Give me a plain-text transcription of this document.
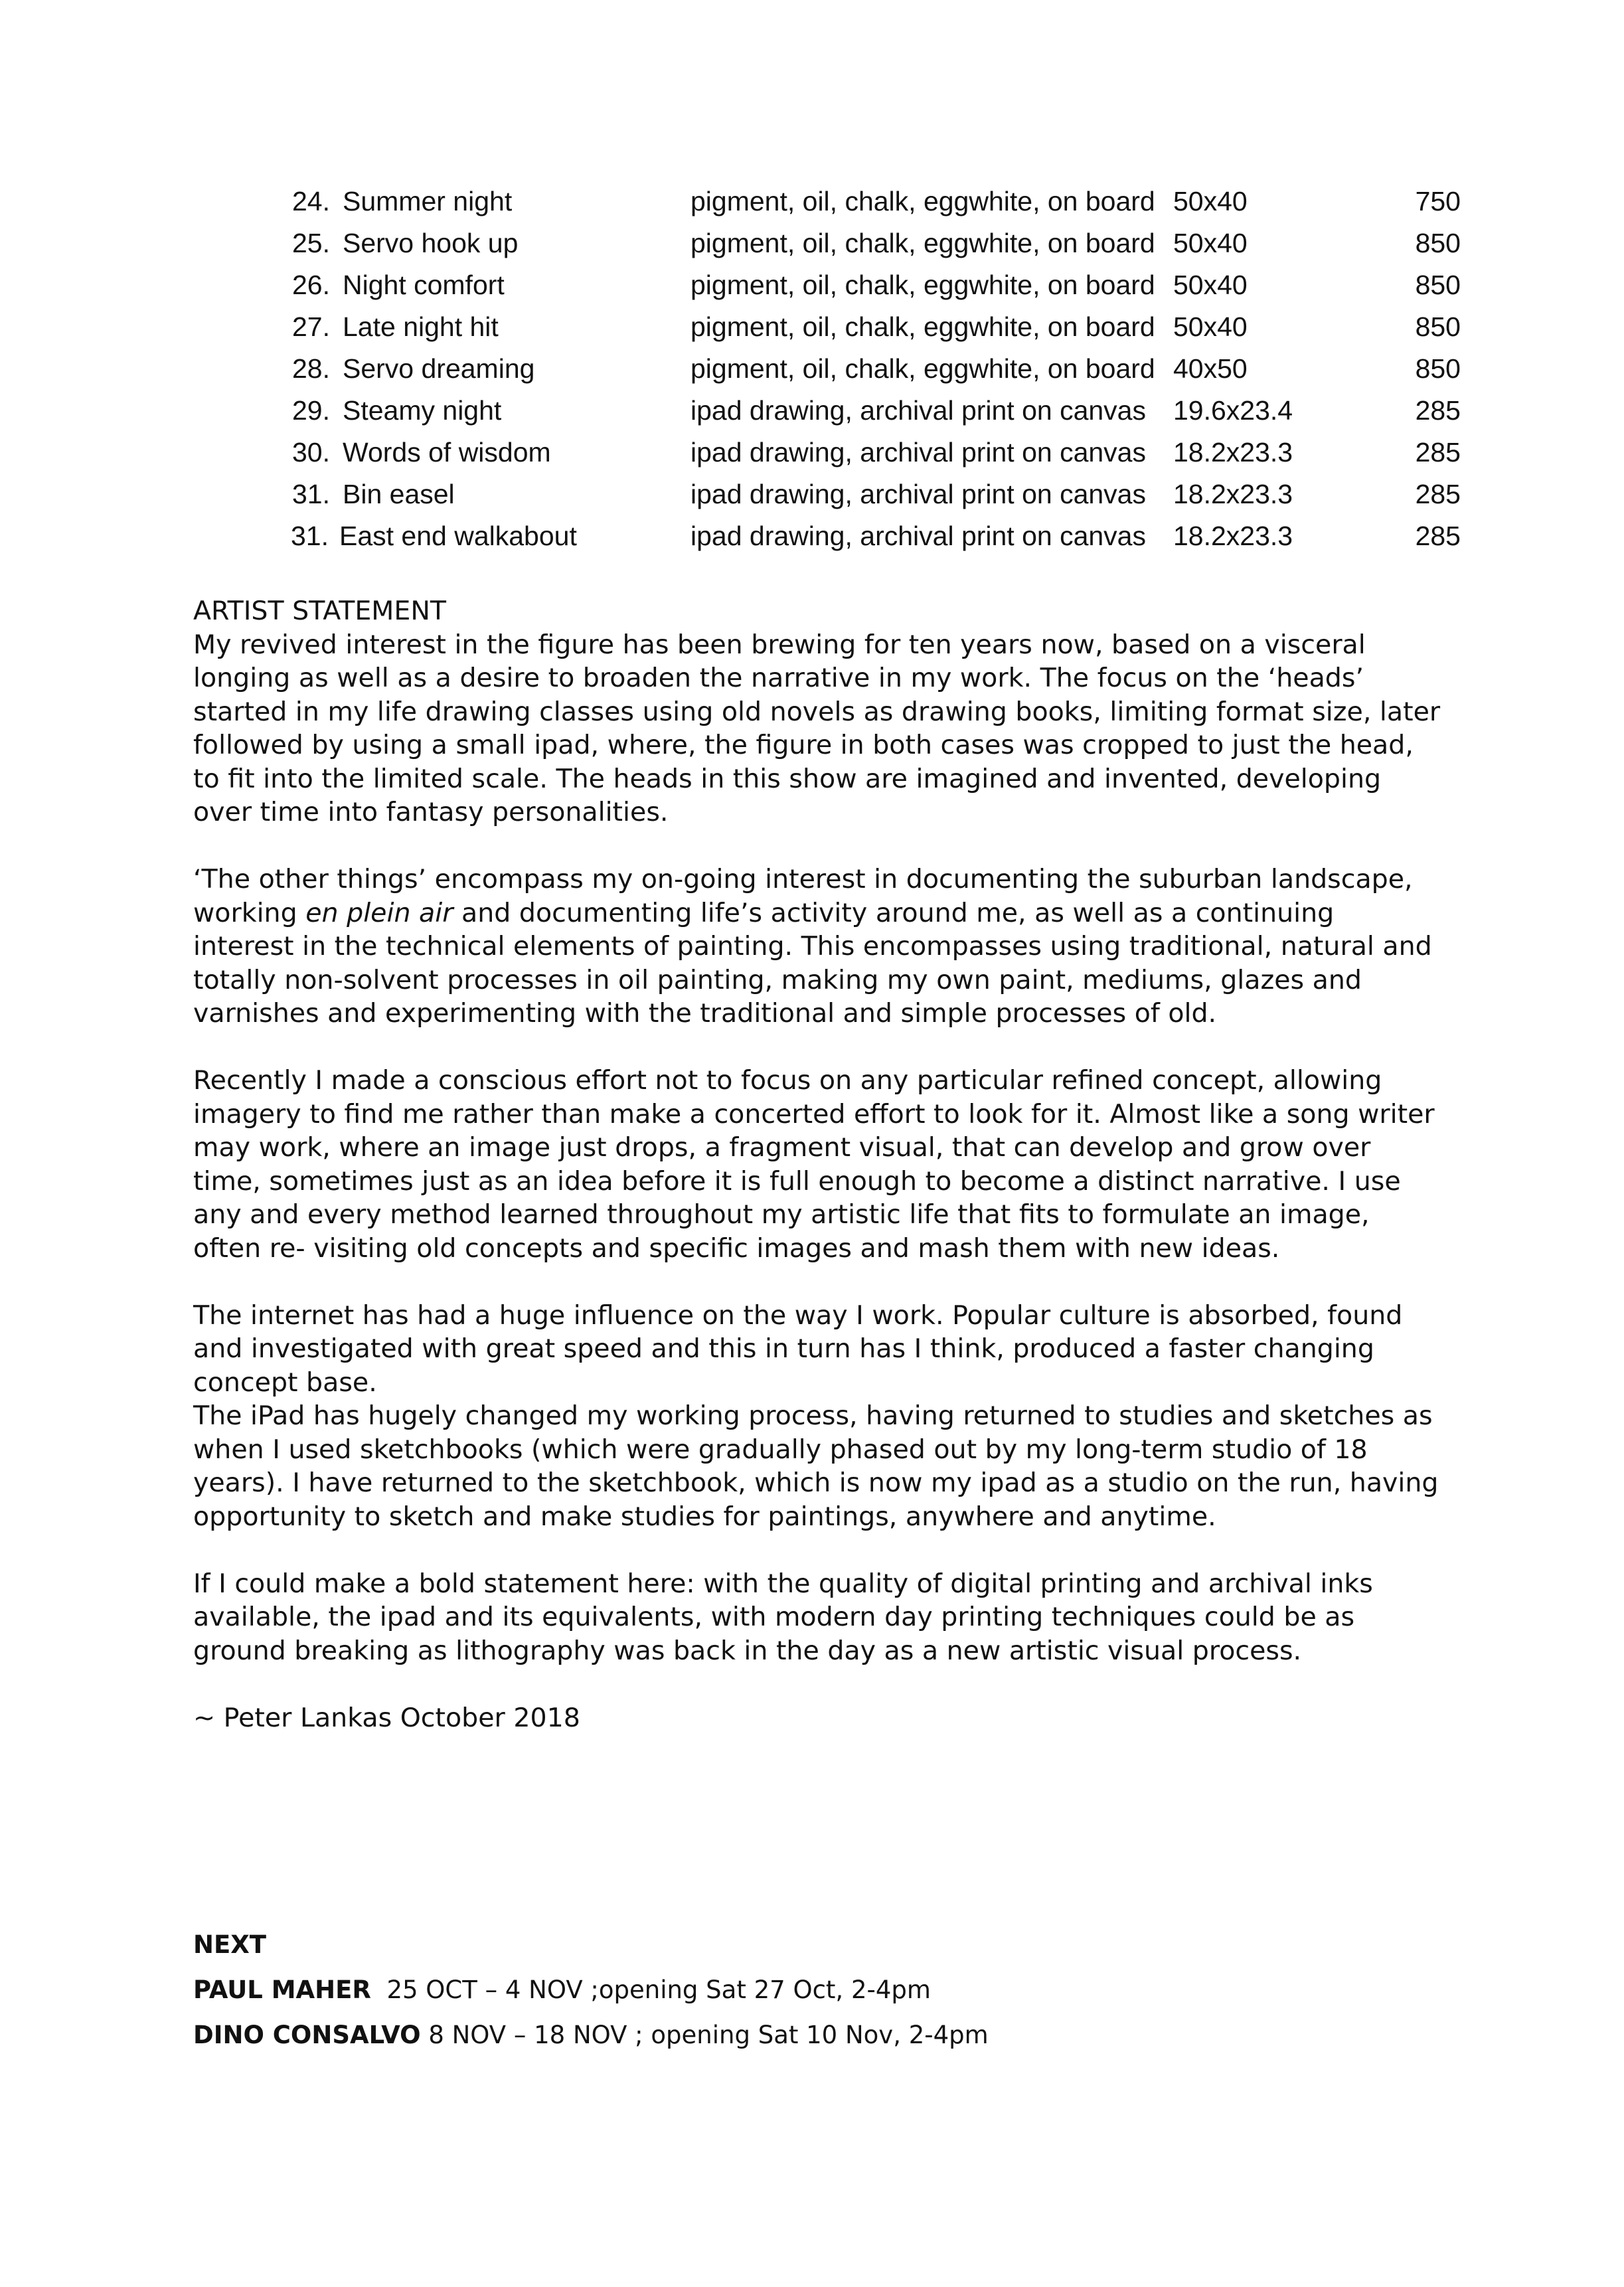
24. Summer night	pigment, oil, chalk, eggwhite, on board 50x40	750
25. Servo hook up	pigment, oil, chalk, eggwhite, on board 50x40	850
26. Night comfort	pigment, oil, chalk, eggwhite, on board 50x40	850
27. Late night hit	pigment, oil, chalk, eggwhite, on board 50x40	850
28. Servo dreaming	pigment, oil, chalk, eggwhite, on board 40x50	850
29. Steamy night	ipad drawing, archival print on canvas 19.6x23.4	285
30. Words of wisdom	ipad drawing, archival print on canvas 18.2x23.3	285
31. Bin easel	ipad drawing, archival print on canvas 18.2x23.3	285
31. East end walkabout	ipad drawing, archival print on canvas 18.2x23.3	285

ARTIST STATEMENT

My revived interest in the figure has been brewing for ten years now, based on a visceral longing as well as a desire to broaden the narrative in my work. The focus on the ‘heads’ started in my life drawing classes using old novels as drawing books, limiting format size, later followed by using a small ipad, where, the figure in both cases was cropped to just the head, to fit into the limited scale. The heads in this show are imagined and invented, developing over time into fantasy personalities.

‘The other things’ encompass my on-going interest in documenting the suburban landscape, working en plein air and documenting life’s activity around me, as well as a continuing interest in the technical elements of painting. This encompasses using traditional, natural and totally non-solvent processes in oil painting, making my own paint, mediums, glazes and varnishes and experimenting with the traditional and simple processes of old.

Recently I made a conscious effort not to focus on any particular refined concept, allowing imagery to find me rather than make a concerted effort to look for it. Almost like a song writer may work, where an image just drops, a fragment visual, that can develop and grow over time, sometimes just as an idea before it is full enough to become a distinct narrative. I use any and every method learned throughout my artistic life that fits to formulate an image, often re- visiting old concepts and specific images and mash them with new ideas.

The internet has had a huge influence on the way I work. Popular culture is absorbed, found and investigated with great speed and this in turn has I think, produced a faster changing concept base.

The iPad has hugely changed my working process, having returned to studies and sketches as when I used sketchbooks (which were gradually phased out by my long-term studio of 18 years). I have returned to the sketchbook, which is now my ipad as a studio on the run, having opportunity to sketch and make studies for paintings, anywhere and anytime.

If I could make a bold statement here: with the quality of digital printing and archival inks available, the ipad and its equivalents, with modern day printing techniques could be as ground breaking as lithography was back in the day as a new artistic visual process.

~ Peter Lankas October 2018

NEXT
PAUL MAHER  25 OCT – 4 NOV ;opening Sat 27 Oct, 2-4pm
DINO CONSALVO 8 NOV – 18 NOV ; opening Sat 10 Nov, 2-4pm
